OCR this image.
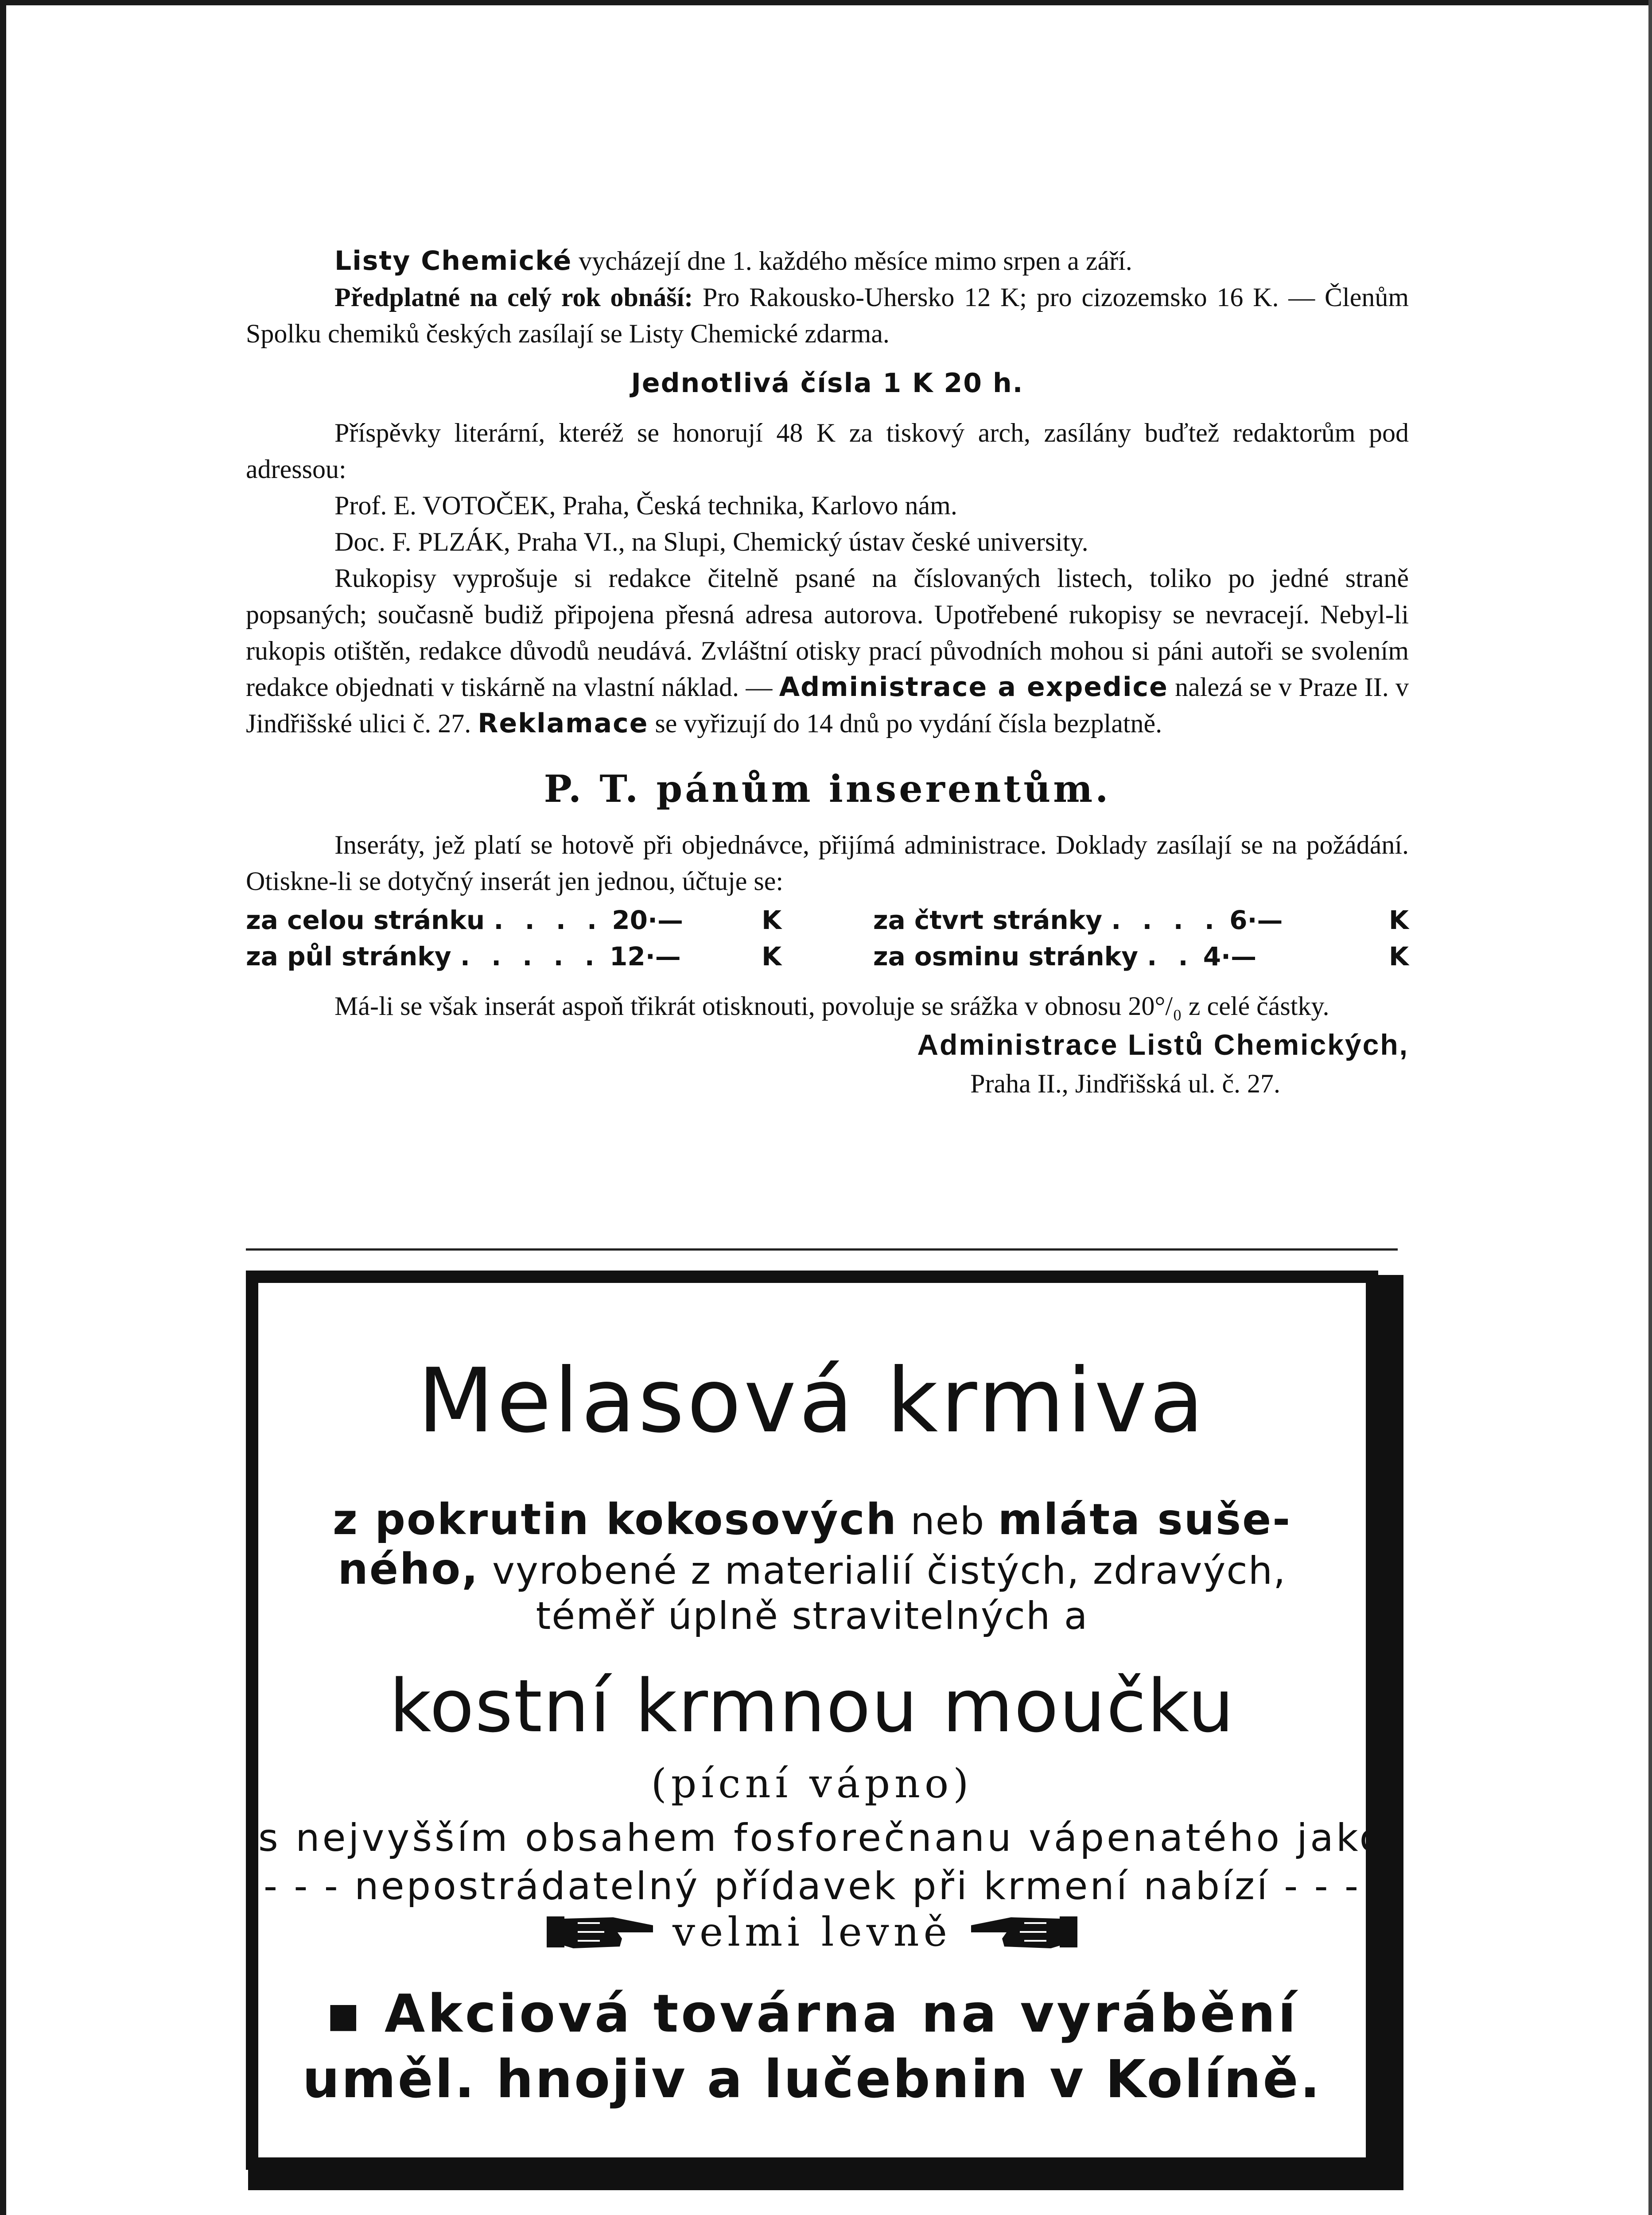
Listy Chemické vycházejí dne 1. každého měsíce mimo srpen a září.

Předplatné na celý rok obnáší: Pro Rakousko-Uhersko 12 K; pro cizozemsko 16 K. — Členům Spolku chemiků českých zasílají se Listy Chemické zdarma.

Jednotlivá čísla 1 K 20 h.

Příspěvky literární, kteréž se honorují 48 K za tiskový arch, zasílány buďtež redaktorům pod adressou:

Prof. E. VOTOČEK, Praha, Česká technika, Karlovo nám.

Doc. F. PLZÁK, Praha VI., na Slupi, Chemický ústav české university.

Rukopisy vyprošuje si redakce čitelně psané na číslovaných listech, toliko po jedné straně popsaných; současně budiž připojena přesná adresa autorova. Upotřebené rukopisy se nevracejí. Nebyl-li rukopis otištěn, redakce důvodů neudává. Zvláštní otisky prací původních mohou si páni autoři se svolením redakce objednati v tiskárně na vlastní náklad. — Administrace a expedice nalezá se v Praze II. v Jindřišské ulici č. 27. Reklamace se vyřizují do 14 dnů po vydání čísla bezplatně.

P. T. pánům inserentům.

Inseráty, jež platí se hotově při objednávce, přijímá administrace. Doklady zasílají se na požádání. Otiskne-li se dotyčný inserát jen jednou, účtuje se:

za celou stránku . . . . 20·—	K		za čtvrt stránky . . . . 6·—	K
za půl stránky . . . . . 12·—	K		za osminu stránky . . 4·—	K

Má-li se však inserát aspoň třikrát otisknouti, povoluje se srážka v obnosu 20°/₀ z celé částky.

Administrace Listů Chemických,
Praha II., Jindřišská ul. č. 27.
Melasová krmiva
z pokrutin kokosových neb mláta suše-
ného, vyrobené z materialií čistých, zdravých,
téměř úplně stravitelných a
kostní krmnou moučku
(pícní vápno)
s nejvyšším obsahem fosforečnanu vápenatého jako
- - - nepostrádatelný přídavek při krmení nabízí - - -
velmi levně
▪ Akciová továrna na vyrábění
uměl. hnojiv a lučebnin v Kolíně.
